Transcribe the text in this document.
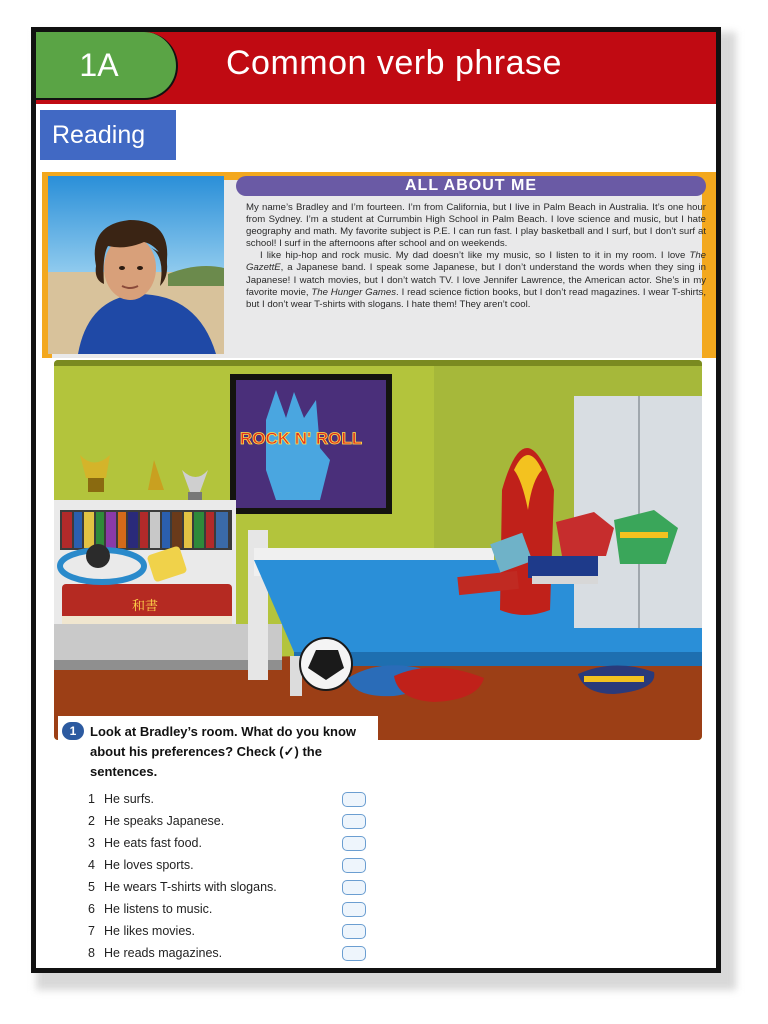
1A	Common verb phrase
Reading
ALL ABOUT ME

My name’s Bradley and I’m fourteen. I’m from California, but I live in Palm Beach in Australia. It’s one hour from Sydney. I’m a student at Currumbin High School in Palm Beach. I love science and music, but I hate geography and math. My favorite subject is P.E. I can run fast. I play basketball and I surf, but I don’t surf at school! I surf in the afternoons after school and on weekends.

I like hip-hop and rock music. My dad doesn’t like my music, so I listen to it in my room. I love The GazettE, a Japanese band. I speak some Japanese, but I don’t understand the words when they sing in Japanese! I watch movies, but I don’t watch TV. I love Jennifer Lawrence, the American actor. She’s in my favorite movie, The Hunger Games. I read science fiction books, but I don’t read magazines. I wear T-shirts, but I don’t wear T-shirts with slogans. I hate them! They aren’t cool.

ROCK N' ROLL
和書
1	Look at Bradley’s room. What do you know about his preferences? Check (✓) the sentences.

1 He surfs.
2 He speaks Japanese.
3 He eats fast food.
4 He loves sports.
5 He wears T-shirts with slogans.
6 He listens to music.
7 He likes movies.
8 He reads magazines.
